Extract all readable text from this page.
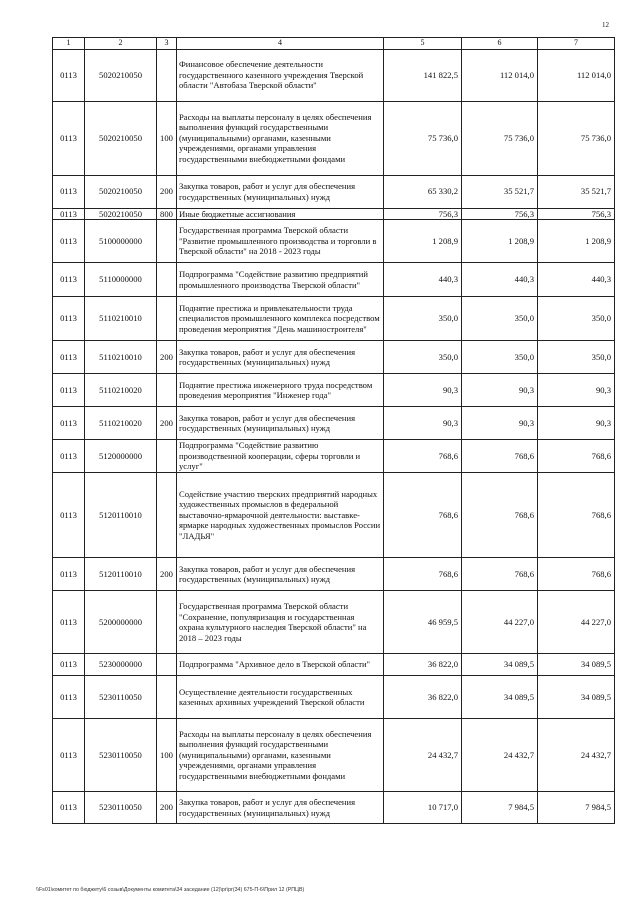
12
1	2	3	4	5	6	7
0113	5020210050		Финансовое обеспечение деятельности государственного казенного учреждения Тверской области "Автобаза Тверской области"	141 822,5	112 014,0	112 014,0
0113	5020210050	100	Расходы на выплаты персоналу в целях обеспечения выполнения функций государственными (муниципальными) органами, казенными учреждениями, органами управления государственными внебюджетными фондами	75 736,0	75 736,0	75 736,0
0113	5020210050	200	Закупка товаров, работ и услуг для обеспечения государственных (муниципальных) нужд	65 330,2	35 521,7	35 521,7
0113	5020210050	800	Иные бюджетные ассигнования	756,3	756,3	756,3
0113	5100000000		Государственная программа Тверской области "Развитие промышленного производства и торговли в Тверской области" на 2018 - 2023 годы	1 208,9	1 208,9	1 208,9
0113	5110000000		Подпрограмма "Содействие развитию предприятий промышленного производства Тверской области"	440,3	440,3	440,3
0113	5110210010		Поднятие престижа и привлекательности труда специалистов промышленного комплекса посредством проведения мероприятия "День машиностроителя"	350,0	350,0	350,0
0113	5110210010	200	Закупка товаров, работ и услуг для обеспечения государственных (муниципальных) нужд	350,0	350,0	350,0
0113	5110210020		Поднятие престижа инженерного труда посредством проведения мероприятия "Инженер года"	90,3	90,3	90,3
0113	5110210020	200	Закупка товаров, работ и услуг для обеспечения государственных (муниципальных) нужд	90,3	90,3	90,3
0113	5120000000		Подпрограмма "Содействие развитию производственной кооперации, сферы торговли и услуг"	768,6	768,6	768,6
0113	5120110010		Содействие участию тверских предприятий народных художественных промыслов в федеральной выставочно-ярмарочной деятельности: выставке-ярмарке народных художественных промыслов России "ЛАДЬЯ"	768,6	768,6	768,6
0113	5120110010	200	Закупка товаров, работ и услуг для обеспечения государственных (муниципальных) нужд	768,6	768,6	768,6
0113	5200000000		Государственная программа Тверской области "Сохранение, популяризация и государственная охрана культурного наследия Тверской области" на 2018 – 2023 годы	46 959,5	44 227,0	44 227,0
0113	5230000000		Подпрограмма "Архивное дело в Тверской области"	36 822,0	34 089,5	34 089,5
0113	5230110050		Осуществление деятельности государственных казенных архивных учреждений Тверской области	36 822,0	34 089,5	34 089,5
0113	5230110050	100	Расходы на выплаты персоналу в целях обеспечения выполнения функций государственными (муниципальными) органами, казенными учреждениями, органами управления государственными внебюджетными фондами	24 432,7	24 432,7	24 432,7
0113	5230110050	200	Закупка товаров, работ и услуг для обеспечения государственных (муниципальных) нужд	10 717,0	7 984,5	7 984,5
\\Fs01\комитет по бюджету\6 созыв\Документы комитета\34 заседание (12)\pr\pr(34) 675-П-6\Прил 12 (РПЦВ)
